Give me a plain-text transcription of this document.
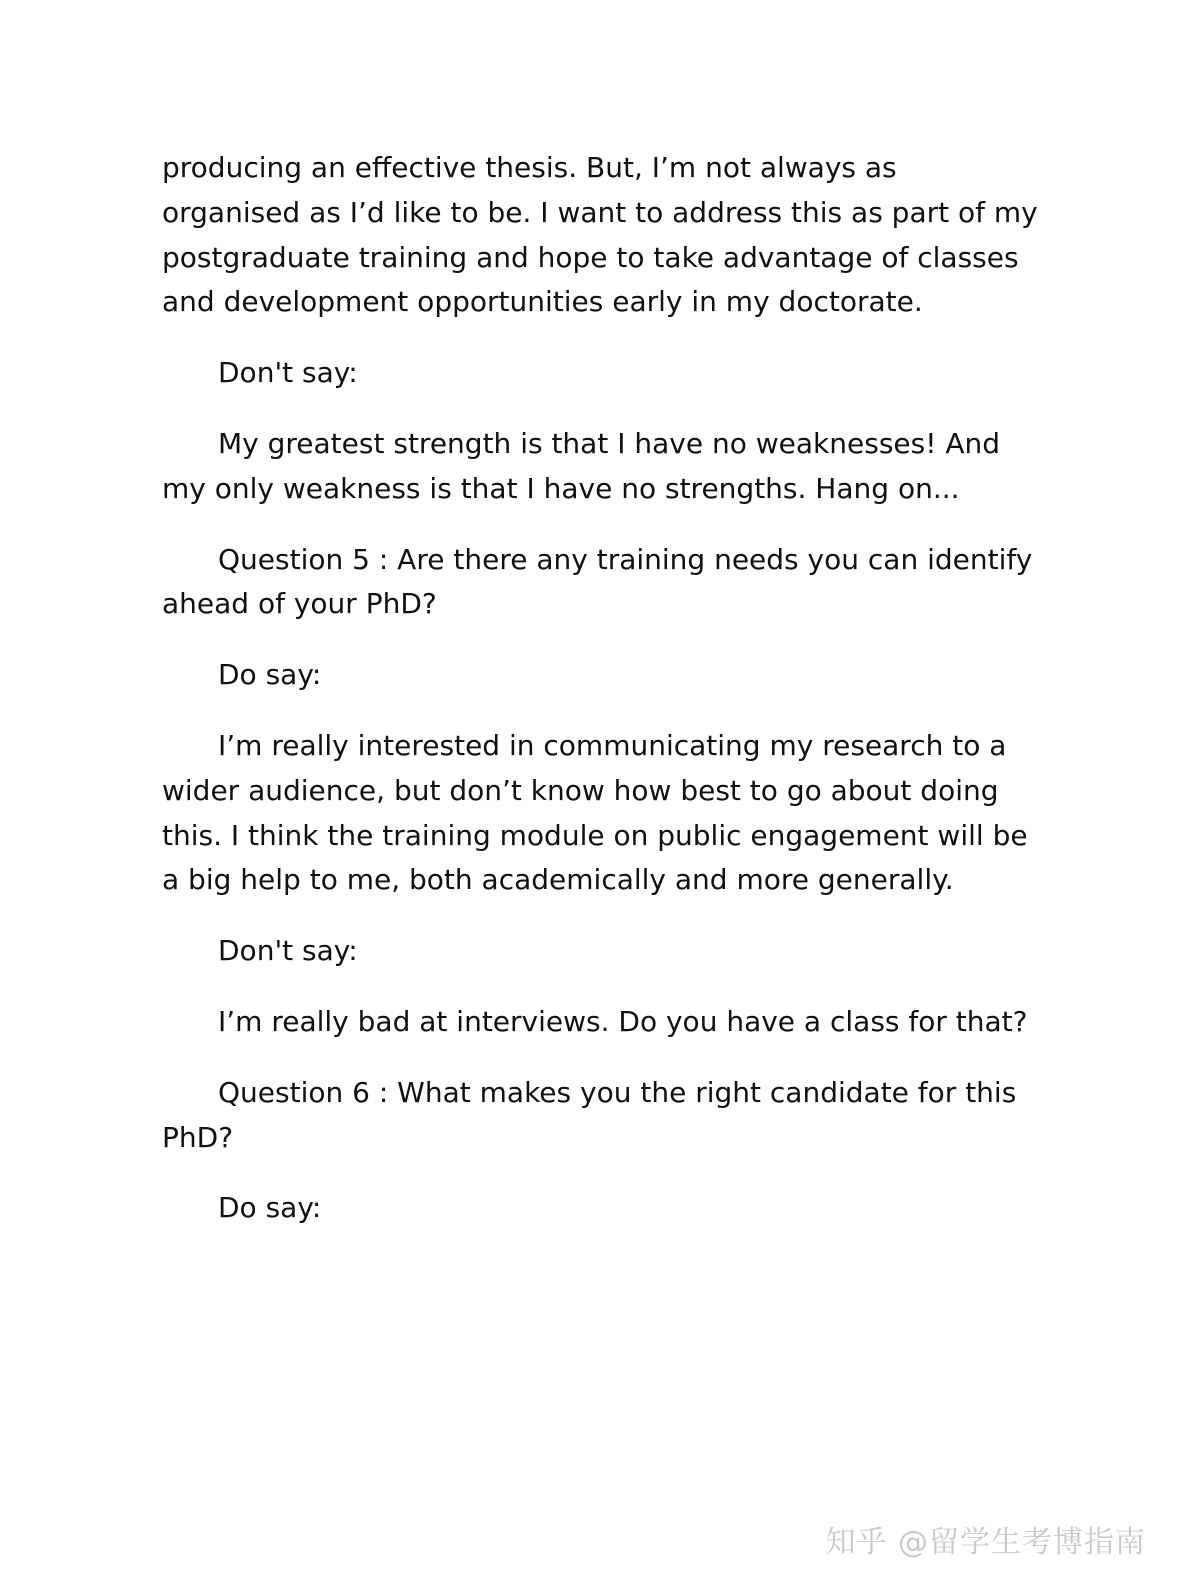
producing an effective thesis. But, I’m not always as organised as I’d like to be. I want to address this as part of my postgraduate training and hope to take advantage of classes and development opportunities early in my doctorate.

Don't say:

My greatest strength is that I have no weaknesses! And my only weakness is that I have no strengths. Hang on...

Question 5 : Are there any training needs you can identify ahead of your PhD?

Do say:

I’m really interested in communicating my research to a wider audience, but don’t know how best to go about doing this. I think the training module on public engagement will be a big help to me, both academically and more generally.

Don't say:

I’m really bad at interviews. Do you have a class for that?

Question 6 : What makes you the right candidate for this PhD?

Do say:

知乎 @留学生考博指南
